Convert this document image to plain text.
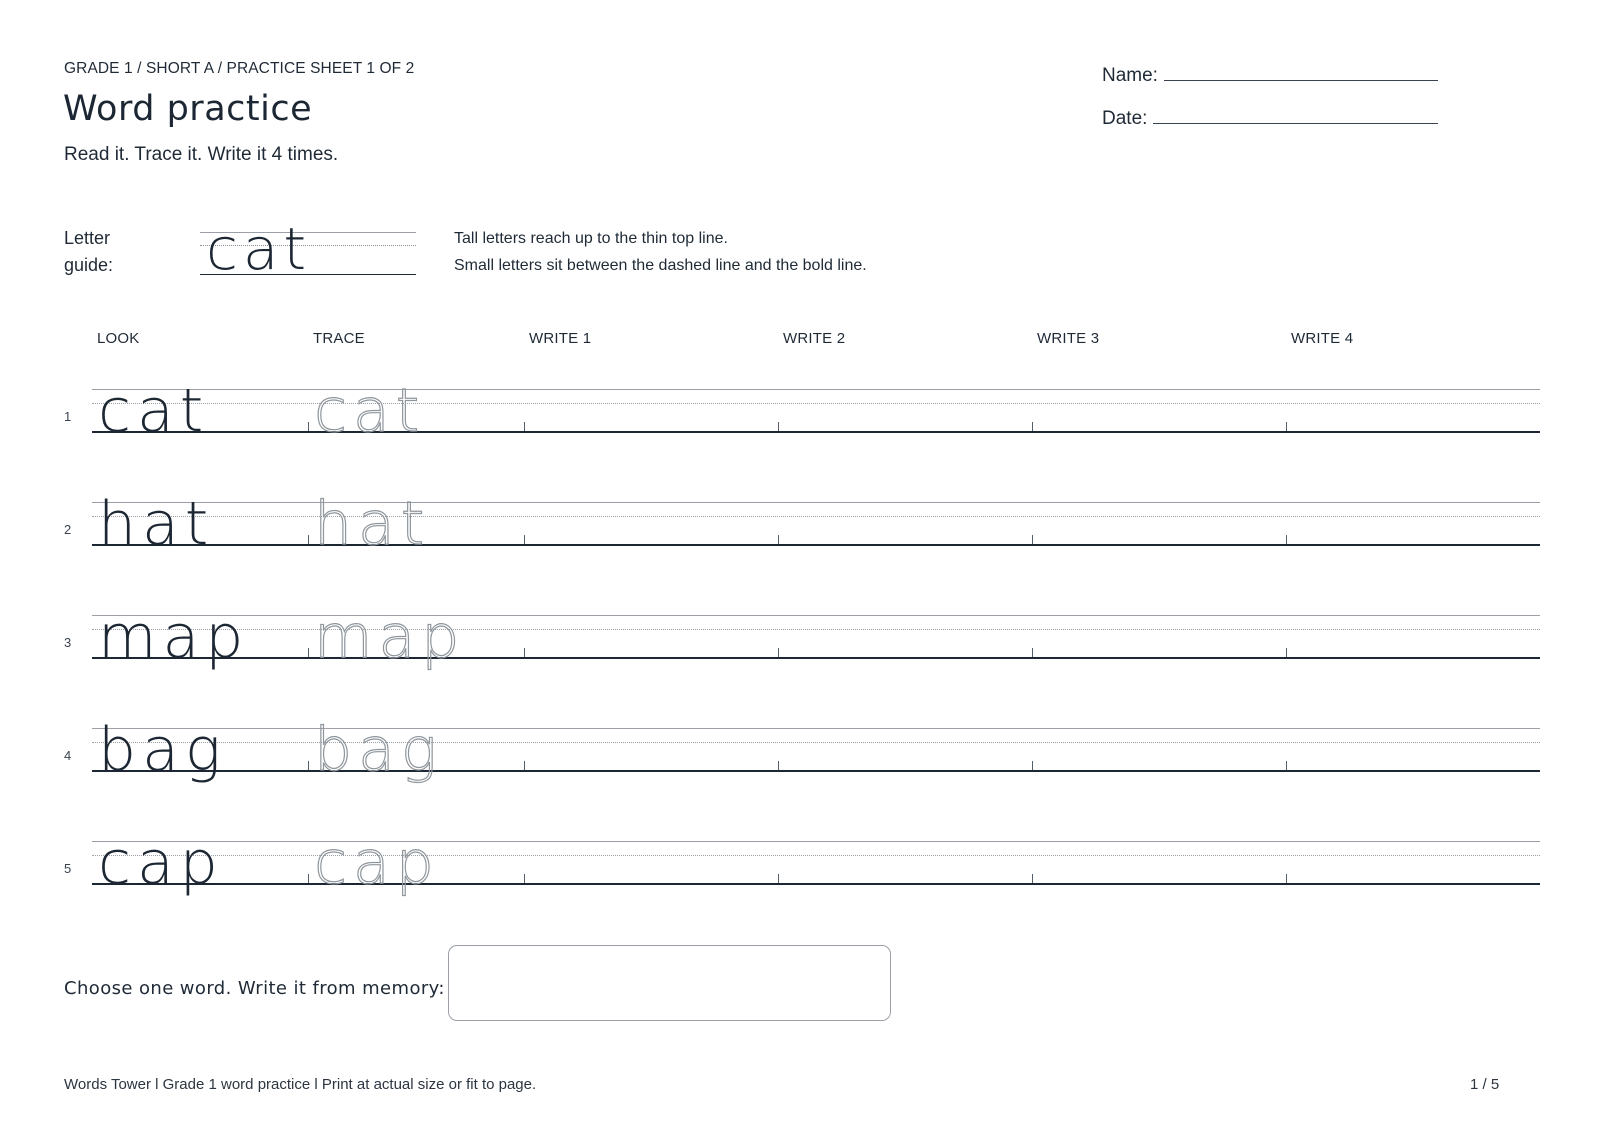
GRADE 1 / SHORT A / PRACTICE SHEET 1 OF 2
Word practice
Read it. Trace it. Write it 4 times.
Name:
Date:
Letter
guide:	cat	Tall letters reach up to the thin top line.
Small letters sit between the dashed line and the bold line.
LOOK	TRACE	WRITE 1	WRITE 2	WRITE 3	WRITE 4
1 cat cat
2 hat hat
3 map map
4 bag bag
5 cap cap
Choose one word. Write it from memory:
Words Tower l Grade 1 word practice l Print at actual size or fit to page.	1 / 5
